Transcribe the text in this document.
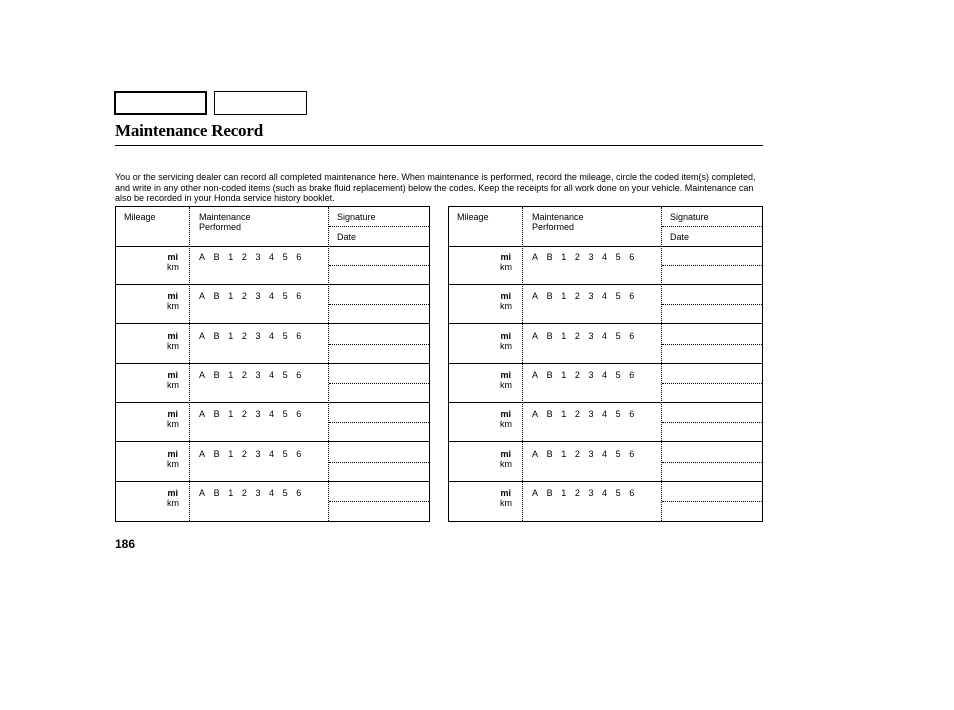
Maintenance Record
You or the servicing dealer can record all completed maintenance here. When maintenance is performed, record the mileage, circle the coded item(s) completed, and write in any other non-coded items (such as brake fluid replacement) below the codes. Keep the receipts for all work done on your vehicle. Maintenance can also be recorded in your Honda service history booklet.
Mileage	Maintenance
Performed
Signature
Date
mi
km
A B 1 2 3 4 5 6
mi
km
A B 1 2 3 4 5 6
mi
km
A B 1 2 3 4 5 6
mi
km
A B 1 2 3 4 5 6
mi
km
A B 1 2 3 4 5 6
mi
km
A B 1 2 3 4 5 6
mi
km
A B 1 2 3 4 5 6
Mileage	Maintenance
Performed
Signature
Date
mi
km
A B 1 2 3 4 5 6
mi
km
A B 1 2 3 4 5 6
mi
km
A B 1 2 3 4 5 6
mi
km
A B 1 2 3 4 5 6
mi
km
A B 1 2 3 4 5 6
mi
km
A B 1 2 3 4 5 6
mi
km
A B 1 2 3 4 5 6
186
